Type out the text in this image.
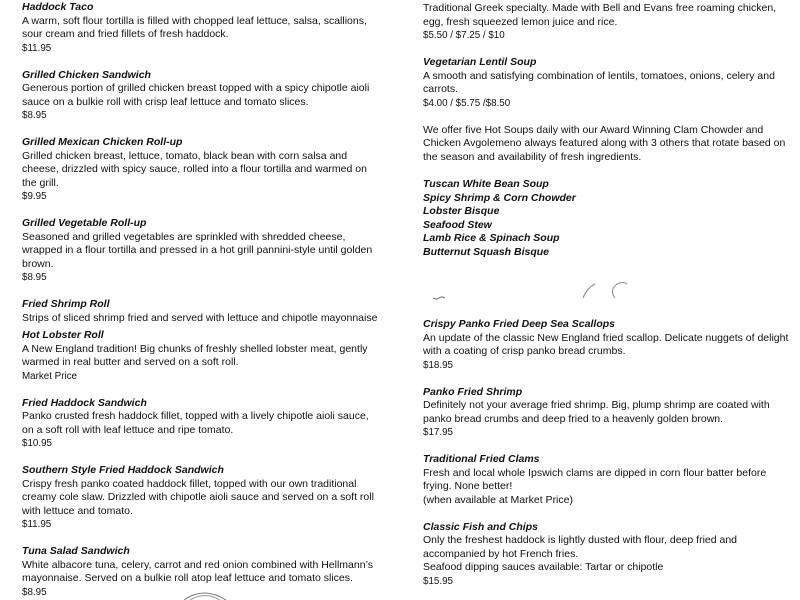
Haddock Taco
A warm, soft flour tortilla is filled with chopped leaf lettuce, salsa, scallions, sour cream and fried fillets of fresh haddock.
$11.95
Grilled Chicken Sandwich
Generous portion of grilled chicken breast topped with a spicy chipotle aioli sauce on a bulkie roll with crisp leaf lettuce and tomato slices.
$8.95
Grilled Mexican Chicken Roll-up
Grilled chicken breast, lettuce, tomato, black bean with corn salsa and cheese, drizzled with spicy sauce, rolled into a flour tortilla and warmed on the grill.
$9.95
Grilled Vegetable Roll-up
Seasoned and grilled vegetables are sprinkled with shredded cheese, wrapped in a flour tortilla and pressed in a hot grill pannini-style until golden brown.
$8.95
Fried Shrimp Roll
Strips of sliced shrimp fried and served with lettuce and chipotle mayonnaise
Hot Lobster Roll
A New England tradition! Big chunks of freshly shelled lobster meat, gently warmed in real butter and served on a soft roll.
Market Price
Fried Haddock Sandwich
Panko crusted fresh haddock fillet, topped with a lively chipotle aioli sauce, on a soft roll with leaf lettuce and ripe tomato.
$10.95
Southern Style Fried Haddock Sandwich
Crispy fresh panko coated haddock fillet, topped with our own traditional creamy cole slaw. Drizzled with chipotle aioli sauce and served on a soft roll with lettuce and tomato.
$11.95
Tuna Salad Sandwich
White albacore tuna, celery, carrot and red onion combined with Hellmann’s mayonnaise. Served on a bulkie roll atop leaf lettuce and tomato slices.
$8.95
Traditional Greek specialty. Made with Bell and Evans free roaming chicken, egg, fresh squeezed lemon juice and rice.
$5.50 / $7.25 / $10
Vegetarian Lentil Soup
A smooth and satisfying combination of lentils, tomatoes, onions, celery and carrots.
$4.00 / $5.75 /$8.50
We offer five Hot Soups daily with our Award Winning Clam Chowder and Chicken Avgolemeno always featured along with 3 others that rotate based on the season and availability of fresh ingredients.
Tuscan White Bean Soup
Spicy Shrimp & Corn Chowder
Lobster Bisque
Seafood Stew
Lamb Rice & Spinach Soup
Butternut Squash Bisque
Crispy Panko Fried Deep Sea Scallops
An update of the classic New England fried scallop. Delicate nuggets of delight with a coating of crisp panko bread crumbs.
$18.95
Panko Fried Shrimp
Definitely not your average fried shrimp. Big, plump shrimp are coated with panko bread crumbs and deep fried to a heavenly golden brown.
$17.95
Traditional Fried Clams
Fresh and local whole Ipswich clams are dipped in corn flour batter before frying. None better!
(when available at Market Price)
Classic Fish and Chips
Only the freshest haddock is lightly dusted with flour, deep fried and accompanied by hot French fries.
Seafood dipping sauces available: Tartar or chipotle
$15.95
